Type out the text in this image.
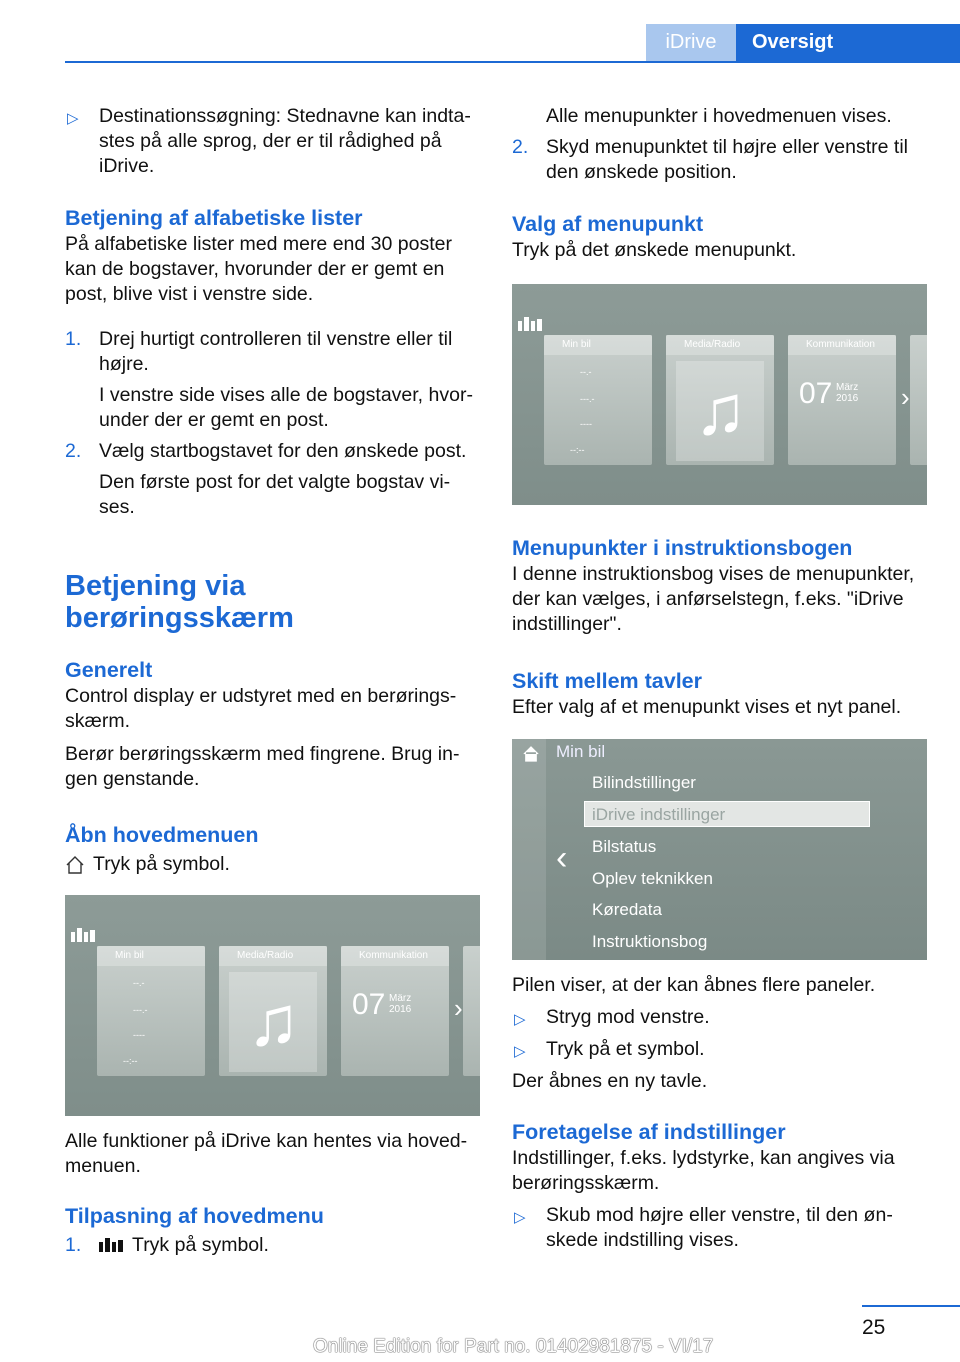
iDrive	Oversigt
▷ Destinationssøgning: Stednavne kan indta-stes på alle sprog, der er til rådighed på iDrive.

Betjening af alfabetiske lister

På alfabetiske lister med mere end 30 poster kan de bogstaver, hvorunder der er gemt en post, blive vist i venstre side.

1. Drej hurtigt controlleren til venstre eller til højre.

I venstre side vises alle de bogstaver, hvor-under der er gemt en post.

2. Vælg startbogstavet for den ønskede post.

Den første post for det valgte bogstav vi-ses.

Betjening via

berøringsskærm

Generelt

Control display er udstyret med en berørings-skærm.

Berør berøringsskærm med fingrene. Brug in-gen genstande.

Åbn hovedmenuen

Tryk på symbol.

Min bil
--.-
---.-
----
--:--
Media/Radio
♫
Kommunikation
07 März
2016 ›

Alle funktioner på iDrive kan hentes via hoved-menuen.

Tilpasning af hovedmenu

1.	Tryk på symbol.

Alle menupunkter i hovedmenuen vises.

2. Skyd menupunktet til højre eller venstre til den ønskede position.

Valg af menupunkt

Tryk på det ønskede menupunkt.

Min bil
--.-
---.-
----
--:--
Media/Radio
♫
Kommunikation
07 März
2016 ›

Menupunkter i instruktionsbogen

I denne instruktionsbog vises de menupunkter, der kan vælges, i anførselstegn, f.eks. "iDrive indstillinger".

Skift mellem tavler

Efter valg af et menupunkt vises et nyt panel.

Min bil
Bilindstillinger
iDrive indstillinger
Bilstatus
Oplev teknikken
Køredata
Instruktionsbog
‹

Pilen viser, at der kan åbnes flere paneler.

▷ Stryg mod venstre.

▷ Tryk på et symbol.

Der åbnes en ny tavle.

Foretagelse af indstillinger

Indstillinger, f.eks. lydstyrke, kan angives via berøringsskærm.

▷ Skub mod højre eller venstre, til den øn-skede indstilling vises.

25
Online Edition for Part no. 01402981875 - VI/17
